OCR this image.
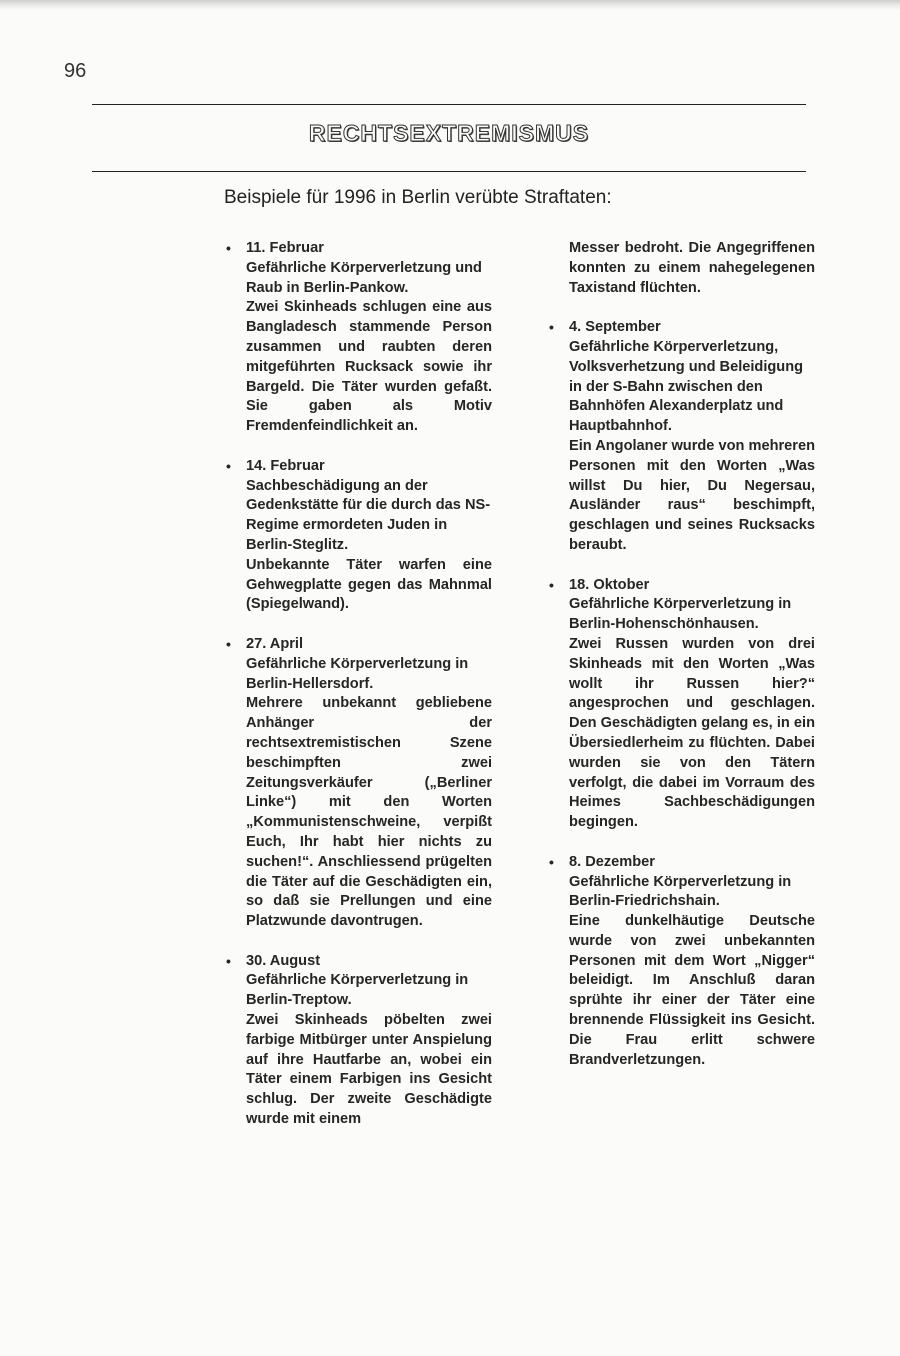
96
RECHTSEXTREMISMUS
Beispiele für 1996 in Berlin verübte Straftaten:
• 11. Februar
Gefährliche Körperverletzung und Raub in Berlin-Pankow.
Zwei Skinheads schlugen eine aus Bangladesch stammende Person zusammen und raubten deren mitgeführten Rucksack sowie ihr Bargeld. Die Täter wurden gefaßt. Sie gaben als Motiv Fremdenfeindlichkeit an.
• 14. Februar
Sachbeschädigung an der Gedenkstätte für die durch das NS-Regime ermordeten Juden in Berlin-Steglitz.
Unbekannte Täter warfen eine Gehwegplatte gegen das Mahnmal (Spiegelwand).
• 27. April
Gefährliche Körperverletzung in Berlin-Hellersdorf.
Mehrere unbekannt gebliebene Anhänger der rechtsextremistischen Szene beschimpften zwei Zeitungsverkäufer („Berliner Linke“) mit den Worten „Kommunistenschweine, verpißt Euch, Ihr habt hier nichts zu suchen!“. Anschliessend prügelten die Täter auf die Geschädigten ein, so daß sie Prellungen und eine Platzwunde davontrugen.
• 30. August
Gefährliche Körperverletzung in Berlin-Treptow.
Zwei Skinheads pöbelten zwei farbige Mitbürger unter Anspielung auf ihre Hautfarbe an, wobei ein Täter einem Farbigen ins Gesicht schlug. Der zweite Geschädigte wurde mit einem
Messer bedroht. Die Angegriffenen konnten zu einem nahegelegenen Taxistand flüchten.
• 4. September
Gefährliche Körperverletzung, Volksverhetzung und Beleidigung in der S-Bahn zwischen den Bahnhöfen Alexanderplatz und Hauptbahnhof.
Ein Angolaner wurde von mehreren Personen mit den Worten „Was willst Du hier, Du Negersau, Ausländer raus“ beschimpft, geschlagen und seines Rucksacks beraubt.
• 18. Oktober
Gefährliche Körperverletzung in Berlin-Hohenschönhausen.
Zwei Russen wurden von drei Skinheads mit den Worten „Was wollt ihr Russen hier?“ angesprochen und geschlagen. Den Geschädigten gelang es, in ein Übersiedlerheim zu flüchten. Dabei wurden sie von den Tätern verfolgt, die dabei im Vorraum des Heimes Sachbeschädigungen begingen.
• 8. Dezember
Gefährliche Körperverletzung in Berlin-Friedrichshain.
Eine dunkelhäutige Deutsche wurde von zwei unbekannten Personen mit dem Wort „Nigger“ beleidigt. Im Anschluß daran sprühte ihr einer der Täter eine brennende Flüssigkeit ins Gesicht. Die Frau erlitt schwere Brandverletzungen.
